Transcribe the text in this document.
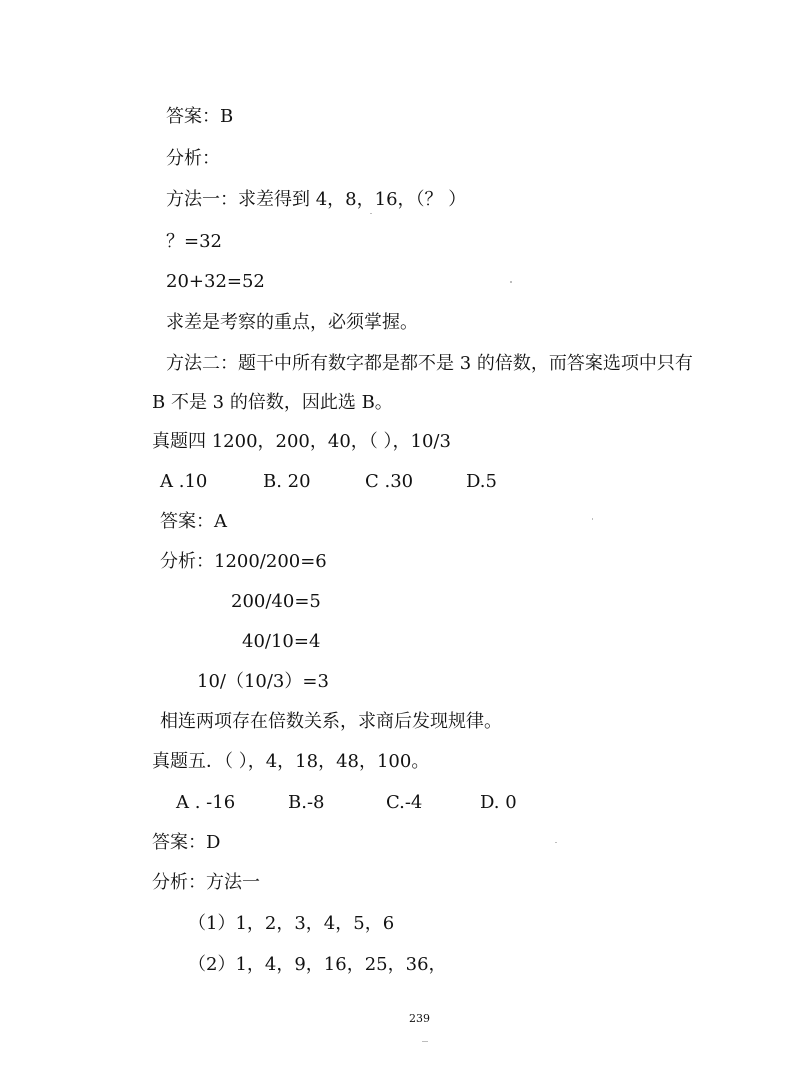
答案：B
分析：
方法一：求差得到 4，8，16，（？ ）
？=32
20+32=52
求差是考察的重点，必须掌握。
方法二：题干中所有数字都是都不是 3 的倍数，而答案选项中只有
B 不是 3 的倍数，因此选 B。
真题四 1200，200，40，（ ），10/3
A .10	B. 20	C .30	D.5
答案：A
分析：1200/200=6
200/40=5
40/10=4
10/（10/3）=3
相连两项存在倍数关系，求商后发现规律。
真题五．（ ），4，18，48，100。
A . -16	B.-8	C.-4	D. 0
答案：D
分析：方法一
（1）1，2，3，4，5，6
（2）1，4，9，16，25，36，
239
